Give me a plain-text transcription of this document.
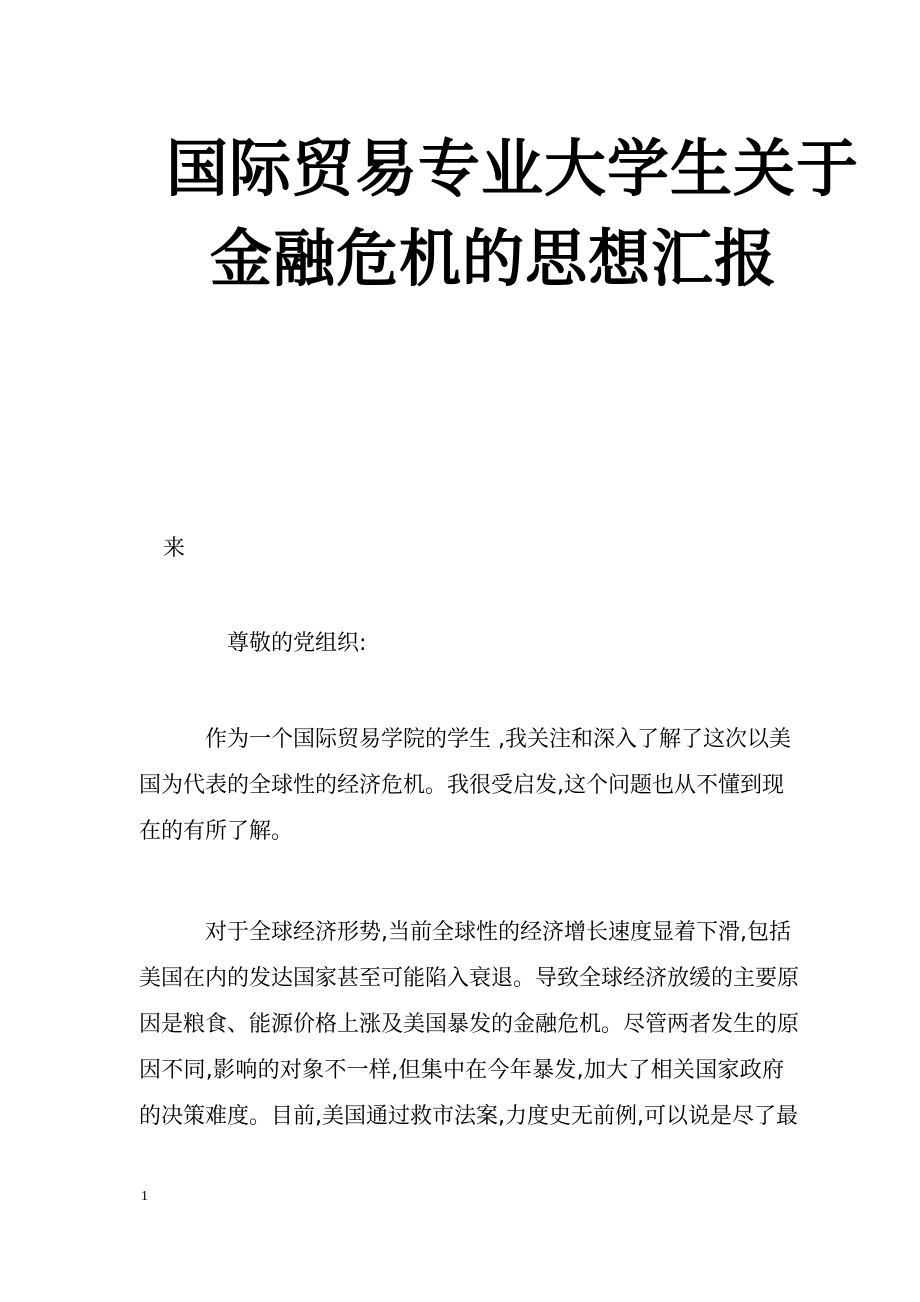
国际贸易专业大学生关于
金融危机的思想汇报
来
尊敬的党组织:
作为一个国际贸易学院的学生 ,我关注和深入了解了这次以美
国为代表的全球性的经济危机。我很受启发,这个问题也从不懂到现
在的有所了解。
对于全球经济形势,当前全球性的经济增长速度显着下滑,包括
美国在内的发达国家甚至可能陷入衰退。导致全球经济放缓的主要原
因是粮食、能源价格上涨及美国暴发的金融危机。尽管两者发生的原
因不同,影响的对象不一样,但集中在今年暴发,加大了相关国家政府
的决策难度。目前,美国通过救市法案,力度史无前例,可以说是尽了最
1
